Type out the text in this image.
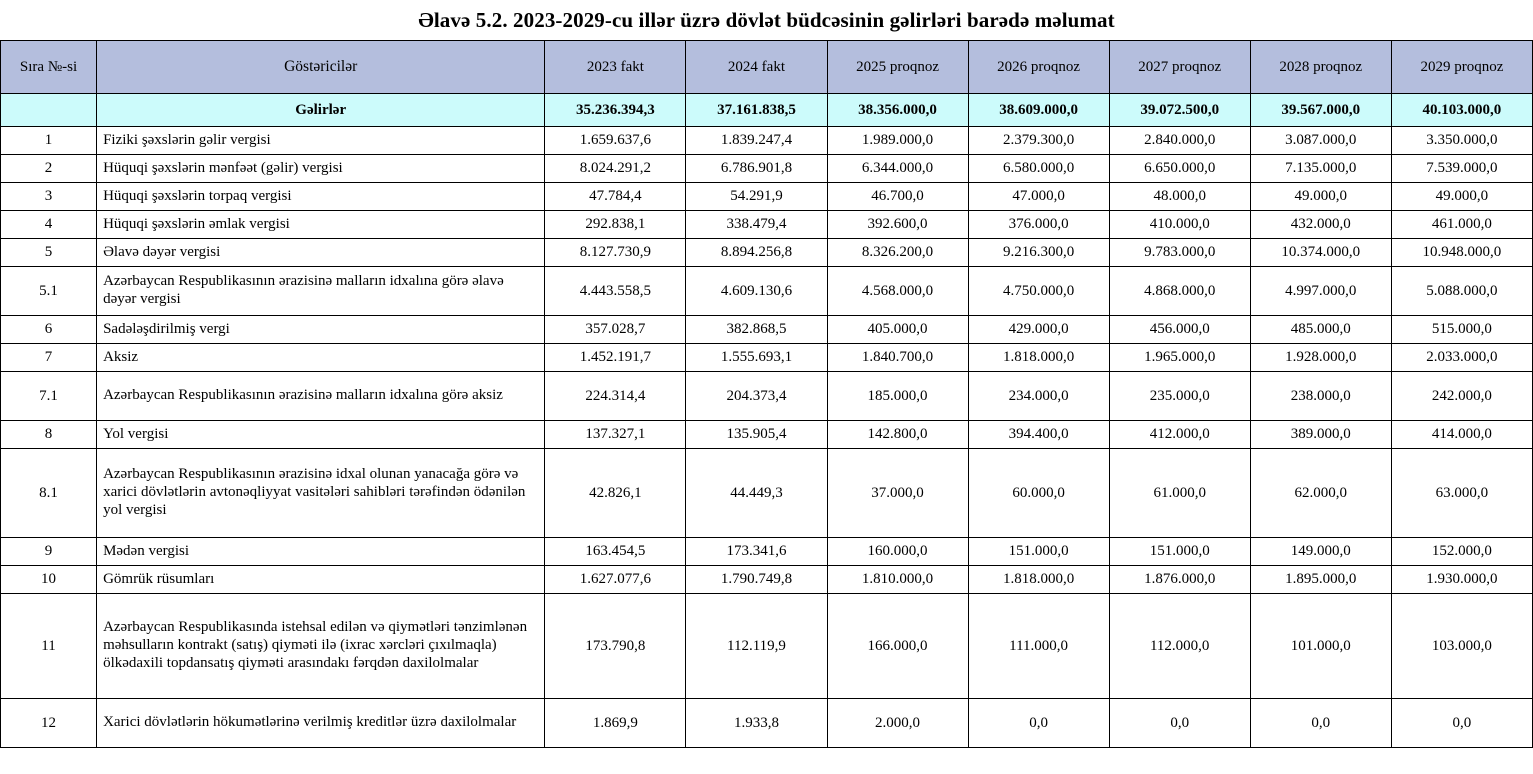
Əlavə 5.2. 2023-2029-cu illər üzrə dövlət büdcəsinin gəlirləri barədə məlumat
Sıra №-si	Göstəricilər	2023 fakt	2024 fakt	2025 proqnoz	2026 proqnoz	2027 proqnoz	2028 proqnoz	2029 proqnoz
	Gəlirlər	35.236.394,3	37.161.838,5	38.356.000,0	38.609.000,0	39.072.500,0	39.567.000,0	40.103.000,0
1	Fiziki şəxslərin gəlir vergisi	1.659.637,6	1.839.247,4	1.989.000,0	2.379.300,0	2.840.000,0	3.087.000,0	3.350.000,0
2	Hüquqi şəxslərin mənfəət (gəlir) vergisi	8.024.291,2	6.786.901,8	6.344.000,0	6.580.000,0	6.650.000,0	7.135.000,0	7.539.000,0
3	Hüquqi şəxslərin torpaq vergisi	47.784,4	54.291,9	46.700,0	47.000,0	48.000,0	49.000,0	49.000,0
4	Hüquqi şəxslərin əmlak vergisi	292.838,1	338.479,4	392.600,0	376.000,0	410.000,0	432.000,0	461.000,0
5	Əlavə dəyər vergisi	8.127.730,9	8.894.256,8	8.326.200,0	9.216.300,0	9.783.000,0	10.374.000,0	10.948.000,0
5.1	Azərbaycan Respublikasının ərazisinə malların idxalına görə əlavə dəyər vergisi	4.443.558,5	4.609.130,6	4.568.000,0	4.750.000,0	4.868.000,0	4.997.000,0	5.088.000,0
6	Sadələşdirilmiş vergi	357.028,7	382.868,5	405.000,0	429.000,0	456.000,0	485.000,0	515.000,0
7	Aksiz	1.452.191,7	1.555.693,1	1.840.700,0	1.818.000,0	1.965.000,0	1.928.000,0	2.033.000,0
7.1	Azərbaycan Respublikasının ərazisinə malların idxalına görə aksiz	224.314,4	204.373,4	185.000,0	234.000,0	235.000,0	238.000,0	242.000,0
8	Yol vergisi	137.327,1	135.905,4	142.800,0	394.400,0	412.000,0	389.000,0	414.000,0
8.1	Azərbaycan Respublikasının ərazisinə idxal olunan yanacağa görə və xarici dövlətlərin avtonəqliyyat vasitələri sahibləri tərəfindən ödənilən yol vergisi	42.826,1	44.449,3	37.000,0	60.000,0	61.000,0	62.000,0	63.000,0
9	Mədən vergisi	163.454,5	173.341,6	160.000,0	151.000,0	151.000,0	149.000,0	152.000,0
10	Gömrük rüsumları	1.627.077,6	1.790.749,8	1.810.000,0	1.818.000,0	1.876.000,0	1.895.000,0	1.930.000,0
11	Azərbaycan Respublikasında istehsal edilən və qiymətləri tənzimlənən məhsulların kontrakt (satış) qiyməti ilə (ixrac xərcləri çıxılmaqla) ölkədaxili topdansatış qiyməti arasındakı fərqdən daxilolmalar	173.790,8	112.119,9	166.000,0	111.000,0	112.000,0	101.000,0	103.000,0
12	Xarici dövlətlərin hökumətlərinə verilmiş kreditlər üzrə daxilolmalar	1.869,9	1.933,8	2.000,0	0,0	0,0	0,0	0,0
